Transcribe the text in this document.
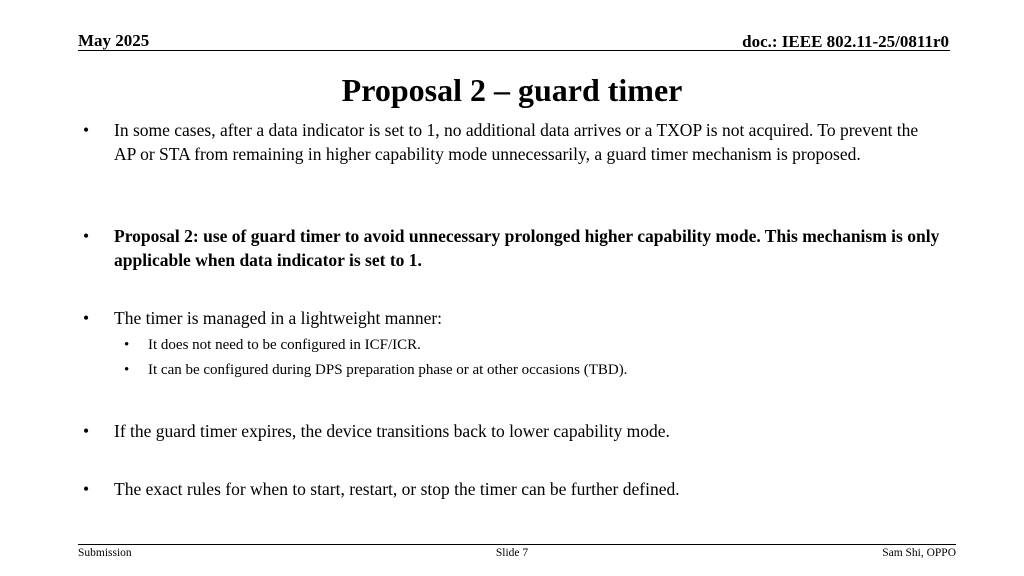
May 2025	doc.: IEEE 802.11-25/0811r0
Proposal 2 – guard timer
•	In some cases, after a data indicator is set to 1, no additional data arrives or a TXOP is not acquired. To prevent the AP or STA from remaining in higher capability mode unnecessarily, a guard timer mechanism is proposed.
•	Proposal 2: use of guard timer to avoid unnecessary prolonged higher capability mode. This mechanism is only applicable when data indicator is set to 1.
•	The timer is managed in a lightweight manner:
• It does not need to be configured in ICF/ICR.
• It can be configured during DPS preparation phase or at other occasions (TBD).
•	If the guard timer expires, the device transitions back to lower capability mode.
•	The exact rules for when to start, restart, or stop the timer can be further defined.
Submission	Slide 7	Sam Shi, OPPO
